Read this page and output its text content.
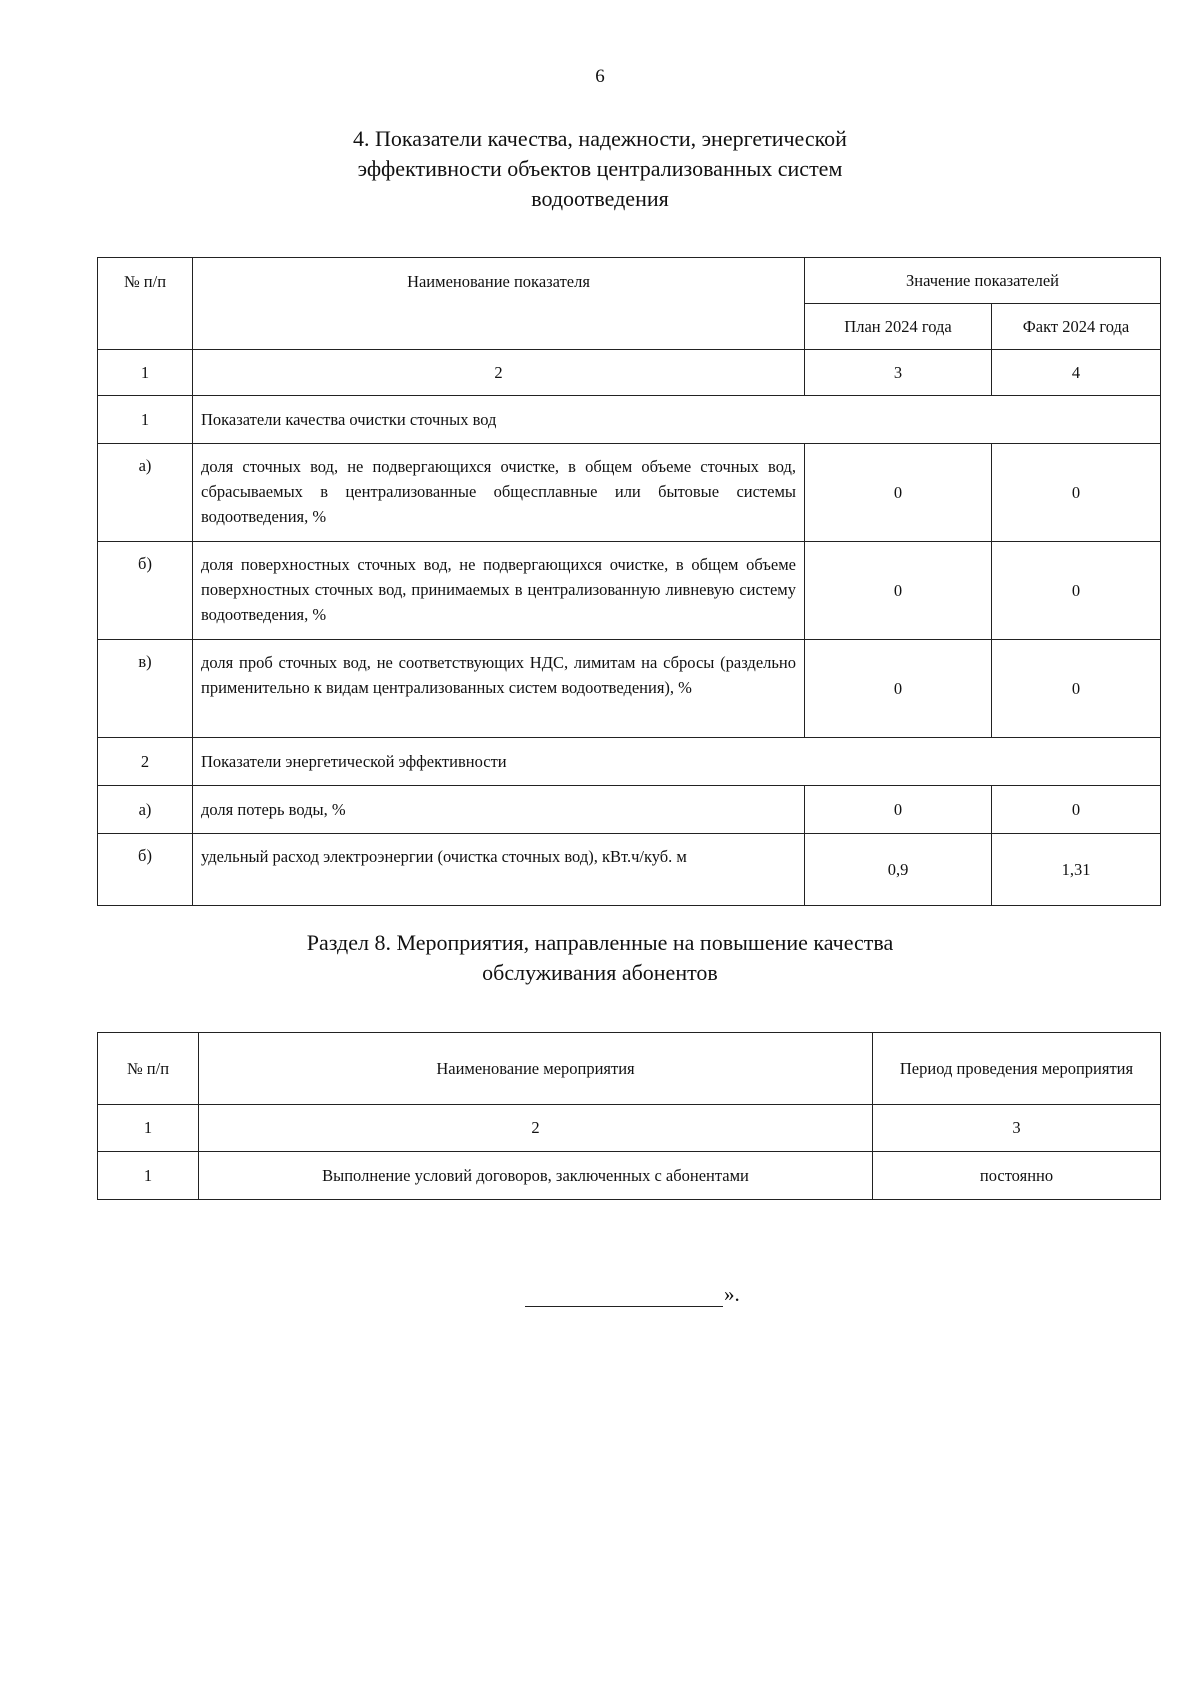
6
4. Показатели качества, надежности, энергетической
эффективности объектов централизованных систем
водоотведения
№ п/п	Наименование показателя	Значение показателей	
		План 2024 года	Факт 2024 года
1	2	3	4
1	Показатели качества очистки сточных вод		
а)	доля сточных вод, не подвергающихся очистке, в общем объеме сточных вод, сбрасываемых в централизованные общесплавные или бытовые системы водоотведения, %	0	0
б)	доля поверхностных сточных вод, не подвергающихся очистке, в общем объеме поверхностных сточных вод, принимаемых в централизованную ливневую систему водоотведения, %	0	0
в)	доля проб сточных вод, не соответствующих НДС, лимитам на сбросы (раздельно применительно к видам централизованных систем водоотведения), %	0	0
2	Показатели энергетической эффективности		
а)	доля потерь воды, %	0	0
б)	удельный расход электроэнергии (очистка сточных вод), кВт.ч/куб. м	0,9	1,31
Раздел 8. Мероприятия, направленные на повышение качества
обслуживания абонентов
№ п/п	Наименование мероприятия	Период проведения мероприятия
1	2	3
1	Выполнение условий договоров, заключенных с абонентами	постоянно
».
